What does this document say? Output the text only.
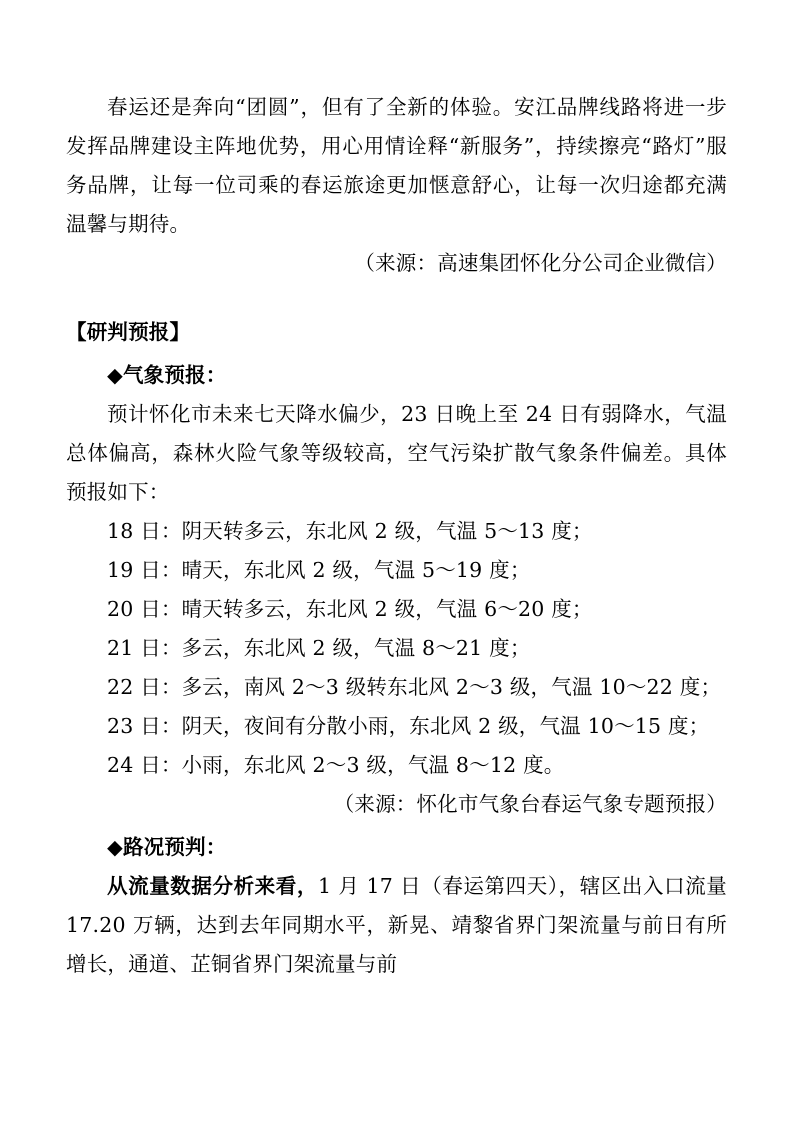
春运还是奔向“团圆”，但有了全新的体验。安江品牌线路将进一步发挥品牌建设主阵地优势，用心用情诠释“新服务”，持续擦亮“路灯”服务品牌，让每一位司乘的春运旅途更加惬意舒心，让每一次归途都充满温馨与期待。

（来源：高速集团怀化分公司企业微信）

【研判预报】

◆气象预报：

预计怀化市未来七天降水偏少，23 日晚上至 24 日有弱降水，气温总体偏高，森林火险气象等级较高，空气污染扩散气象条件偏差。具体预报如下：

18 日：阴天转多云，东北风 2 级，气温 5～13 度；

19 日：晴天，东北风 2 级，气温 5～19 度；

20 日：晴天转多云，东北风 2 级，气温 6～20 度；

21 日：多云，东北风 2 级，气温 8～21 度；

22 日：多云，南风 2～3 级转东北风 2～3 级，气温 10～22 度；

23 日：阴天，夜间有分散小雨，东北风 2 级，气温 10～15 度；

24 日：小雨，东北风 2～3 级，气温 8～12 度。

（来源：怀化市气象台春运气象专题预报）

◆路况预判：

从流量数据分析来看，1 月 17 日（春运第四天），辖区出入口流量 17.20 万辆，达到去年同期水平，新晃、靖黎省界门架流量与前日有所增长，通道、芷铜省界门架流量与前
